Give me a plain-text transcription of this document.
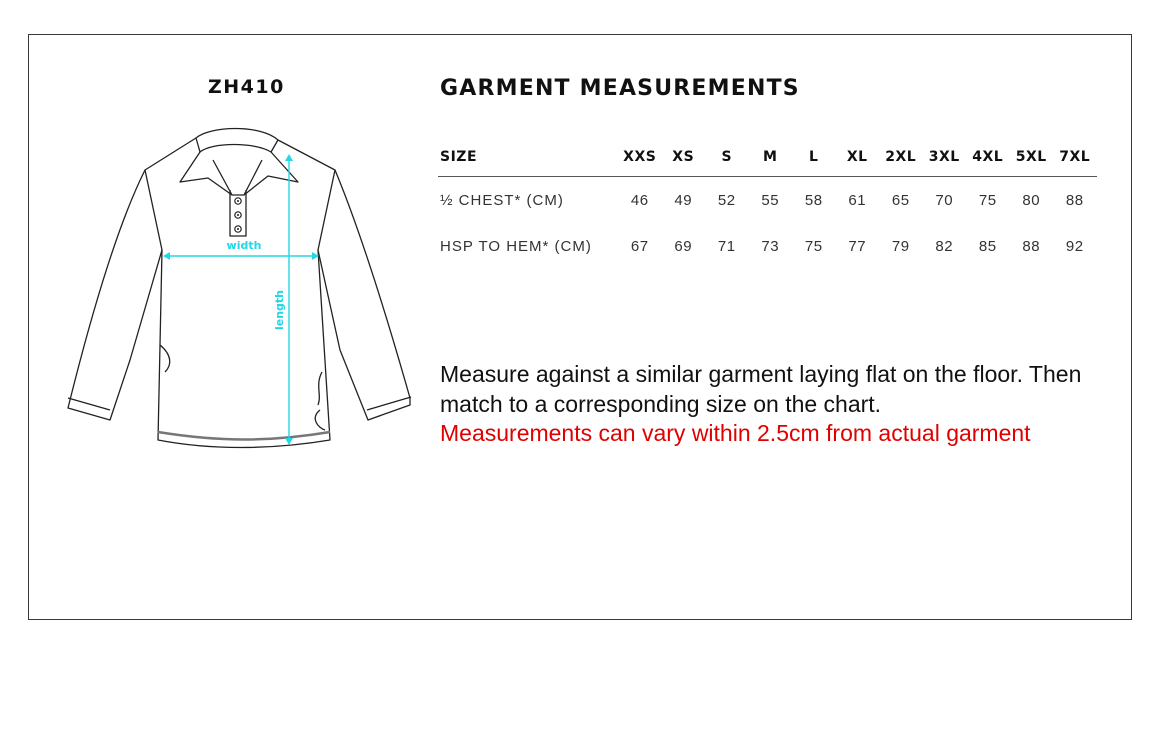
ZH410	GARMENT MEASUREMENTS
width
length
SIZE	XXS	XS	S	M	L	XL	2XL	3XL	4XL	5XL	7XL
½ CHEST* (CM)	46	49	52	55	58	61	65	70	75	80	88
HSP TO HEM* (CM)	67	69	71	73	75	77	79	82	85	88	92
Measure against a similar garment laying flat on the floor. Then
match to a corresponding size on the chart.
Measurements can vary within 2.5cm from actual garment
